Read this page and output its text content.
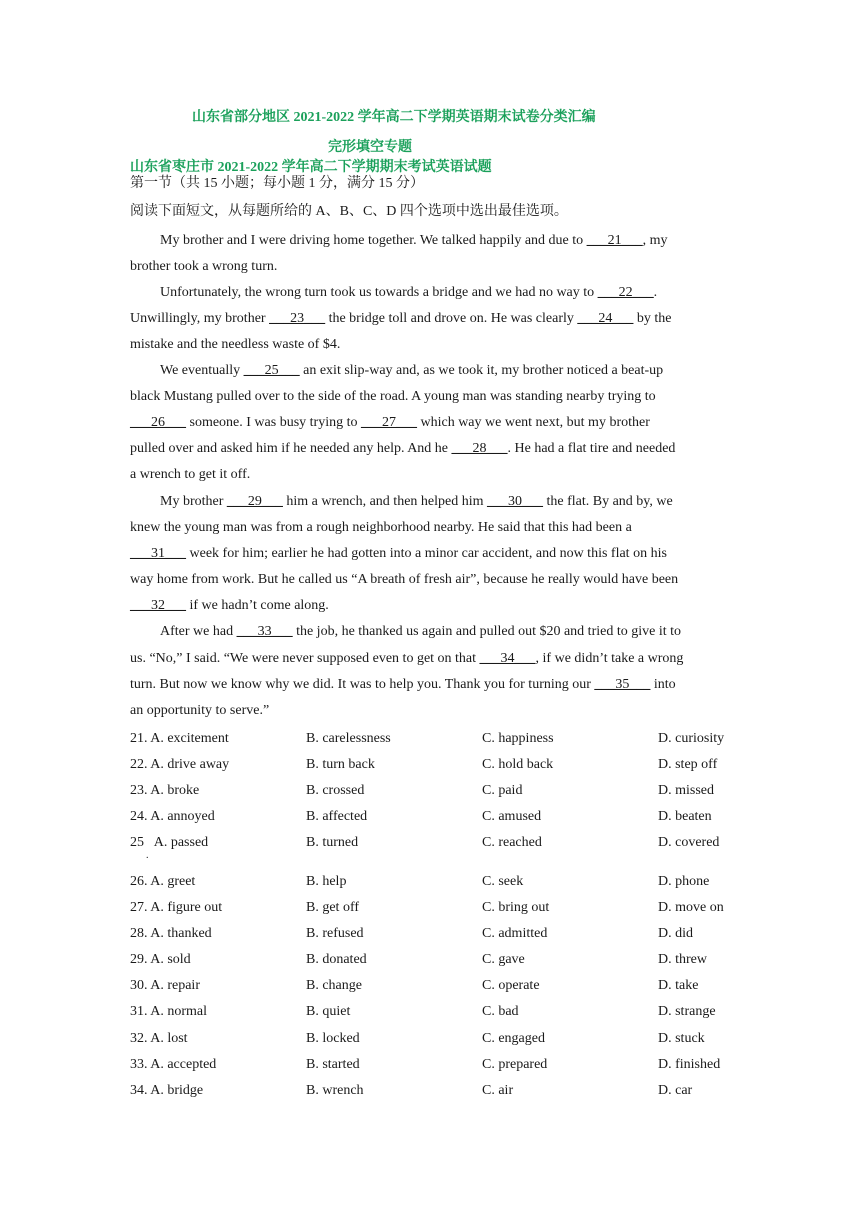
山东省部分地区 2021-2022 学年高二下学期英语期末试卷分类汇编
完形填空专题
山东省枣庄市 2021-2022 学年高二下学期期末考试英语试题
第一节（共 15 小题；每小题 1 分，满分 15 分）
阅读下面短文，从每题所给的 A、B、C、D 四个选项中选出最佳选项。
My brother and I were driving home together. We talked happily and due to ___21___, my
brother took a wrong turn.
Unfortunately, the wrong turn took us towards a bridge and we had no way to ___22___.
Unwillingly, my brother ___23___ the bridge toll and drove on. He was clearly ___24___ by the
mistake and the needless waste of $4.
We eventually ___25___ an exit slip-way and, as we took it, my brother noticed a beat-up
black Mustang pulled over to the side of the road. A young man was standing nearby trying to
___26___ someone. I was busy trying to ___27___ which way we went next, but my brother
pulled over and asked him if he needed any help. And he ___28___. He had a flat tire and needed
a wrench to get it off.
My brother ___29___ him a wrench, and then helped him ___30___ the flat. By and by, we
knew the young man was from a rough neighborhood nearby. He said that this had been a
___31___ week for him; earlier he had gotten into a minor car accident, and now this flat on his
way home from work. But he called us “A breath of fresh air”, because he really would have been
___32___ if we hadn’t come along.
After we had ___33___ the job, he thanked us again and pulled out $20 and tried to give it to
us. “No,” I said. “We were never supposed even to get on that ___34___, if we didn’t take a wrong
turn. But now we know why we did. It was to help you. Thank you for turning our ___35___ into
an opportunity to serve.”
21. A. excitement	B. carelessness	C. happiness	D. curiosity
22. A. drive away	B. turn back	C. hold back	D. step off
23. A. broke	B. crossed	C. paid	D. missed
24. A. annoyed	B. affected	C. amused	D. beaten
25   A. passed	B. turned	C. reached	D. covered
.
26. A. greet	B. help	C. seek	D. phone
27. A. figure out	B. get off	C. bring out	D. move on
28. A. thanked	B. refused	C. admitted	D. did
29. A. sold	B. donated	C. gave	D. threw
30. A. repair	B. change	C. operate	D. take
31. A. normal	B. quiet	C. bad	D. strange
32. A. lost	B. locked	C. engaged	D. stuck
33. A. accepted	B. started	C. prepared	D. finished
34. A. bridge	B. wrench	C. air	D. car
